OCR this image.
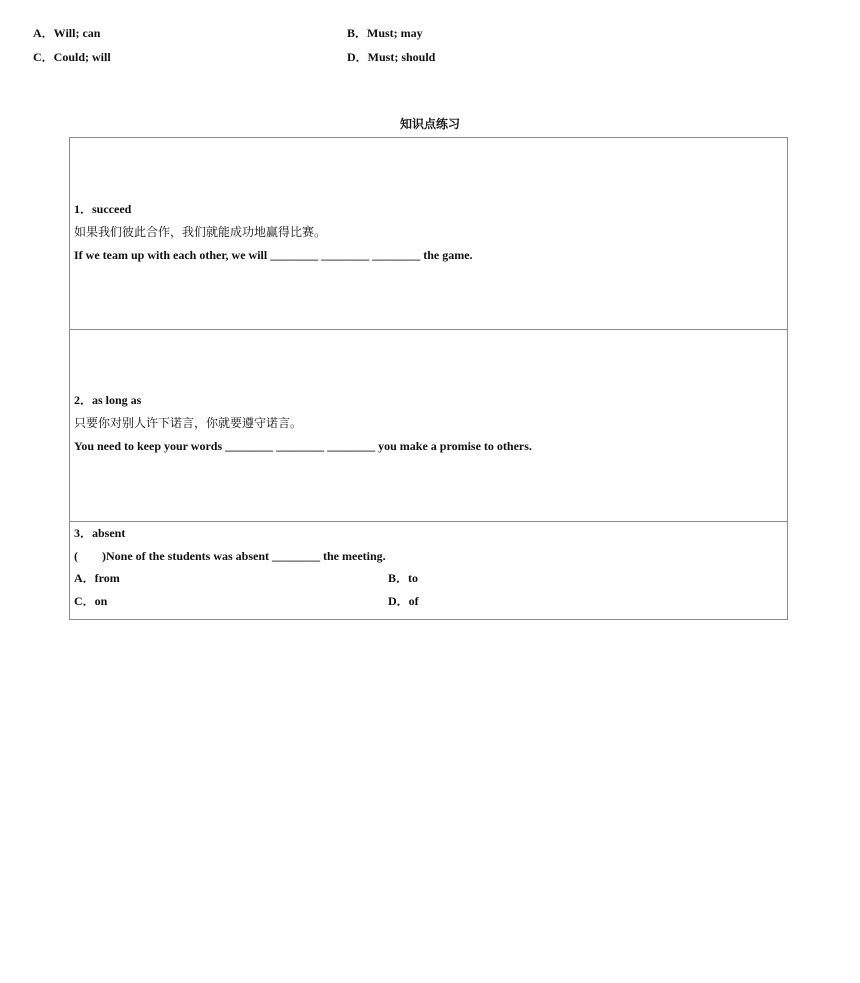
A．Will; can	B．Must; may
C．Could; will	D．Must; should
知识点练习
1．succeed
如果我们彼此合作，我们就能成功地赢得比赛。
If we team up with each other, we will ________ ________ ________ the game.
2．as long as
只要你对别人许下诺言，你就要遵守诺言。
You need to keep your words ________ ________ ________ you make a promise to others.
3．absent
(　　)None of the students was absent ________ the meeting.
A．from	B．to
C．on	D．of
